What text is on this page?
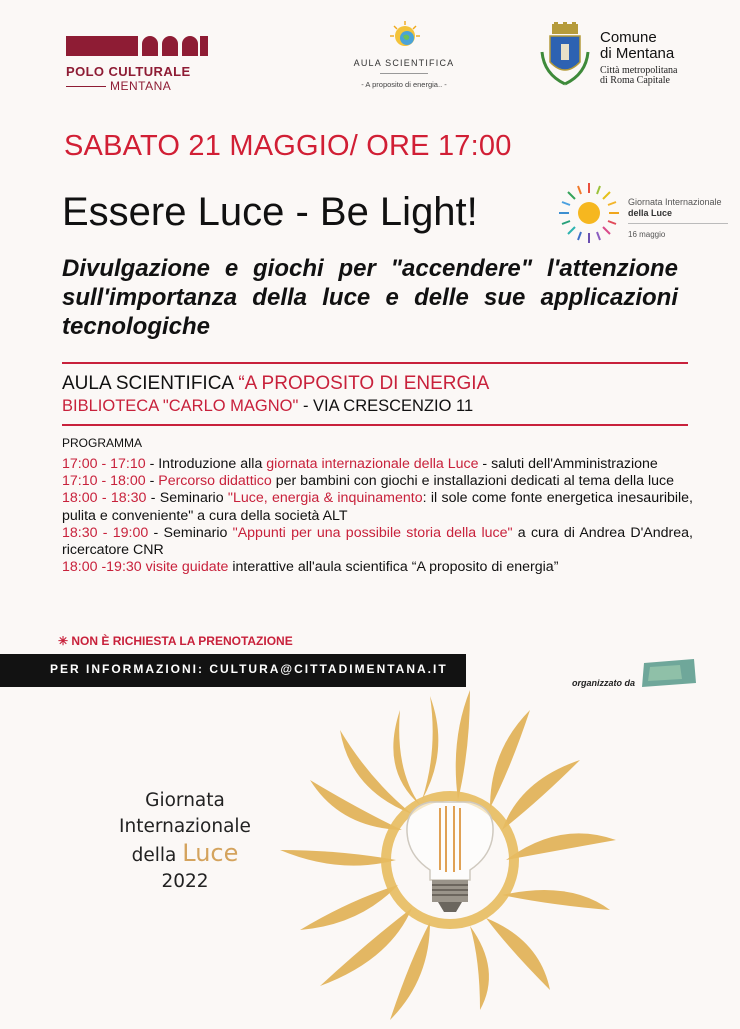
POLO CULTURALE
MENTANA
AULA SCIENTIFICA
- A proposito di energia.. -
Comune
di Mentana
Città metropolitana
di Roma Capitale
SABATO 21 MAGGIO/ ORE 17:00
Essere Luce - Be Light!	Giornata Internazionale
della Luce
16 maggio
Divulgazione e giochi per "accendere" l'attenzione sull'importanza della luce e delle sue applicazioni tecnologiche
AULA SCIENTIFICA “A PROPOSITO DI ENERGIA
BIBLIOTECA "CARLO MAGNO" - VIA CRESCENZIO 11
PROGRAMMA

17:00 - 17:10 - Introduzione alla giornata internazionale della Luce - saluti dell'Amministrazione

17:10 - 18:00 - Percorso didattico per bambini con giochi e installazioni dedicati al tema della luce

18:00 - 18:30 - Seminario "Luce, energia & inquinamento: il sole come fonte energetica inesauribile, pulita e conveniente" a cura della società ALT

18:30 - 19:00 - Seminario "Appunti per una possibile storia della luce" a cura di Andrea D'Andrea, ricercatore CNR

18:00 -19:30 visite guidate interattive all'aula scientifica “A proposito di energia”

✳ NON È RICHIESTA LA PRENOTAZIONE
PER INFORMAZIONI: CULTURA@CITTADIMENTANA.IT
organizzato da
Giornata
Internazionale
della Luce
2022
